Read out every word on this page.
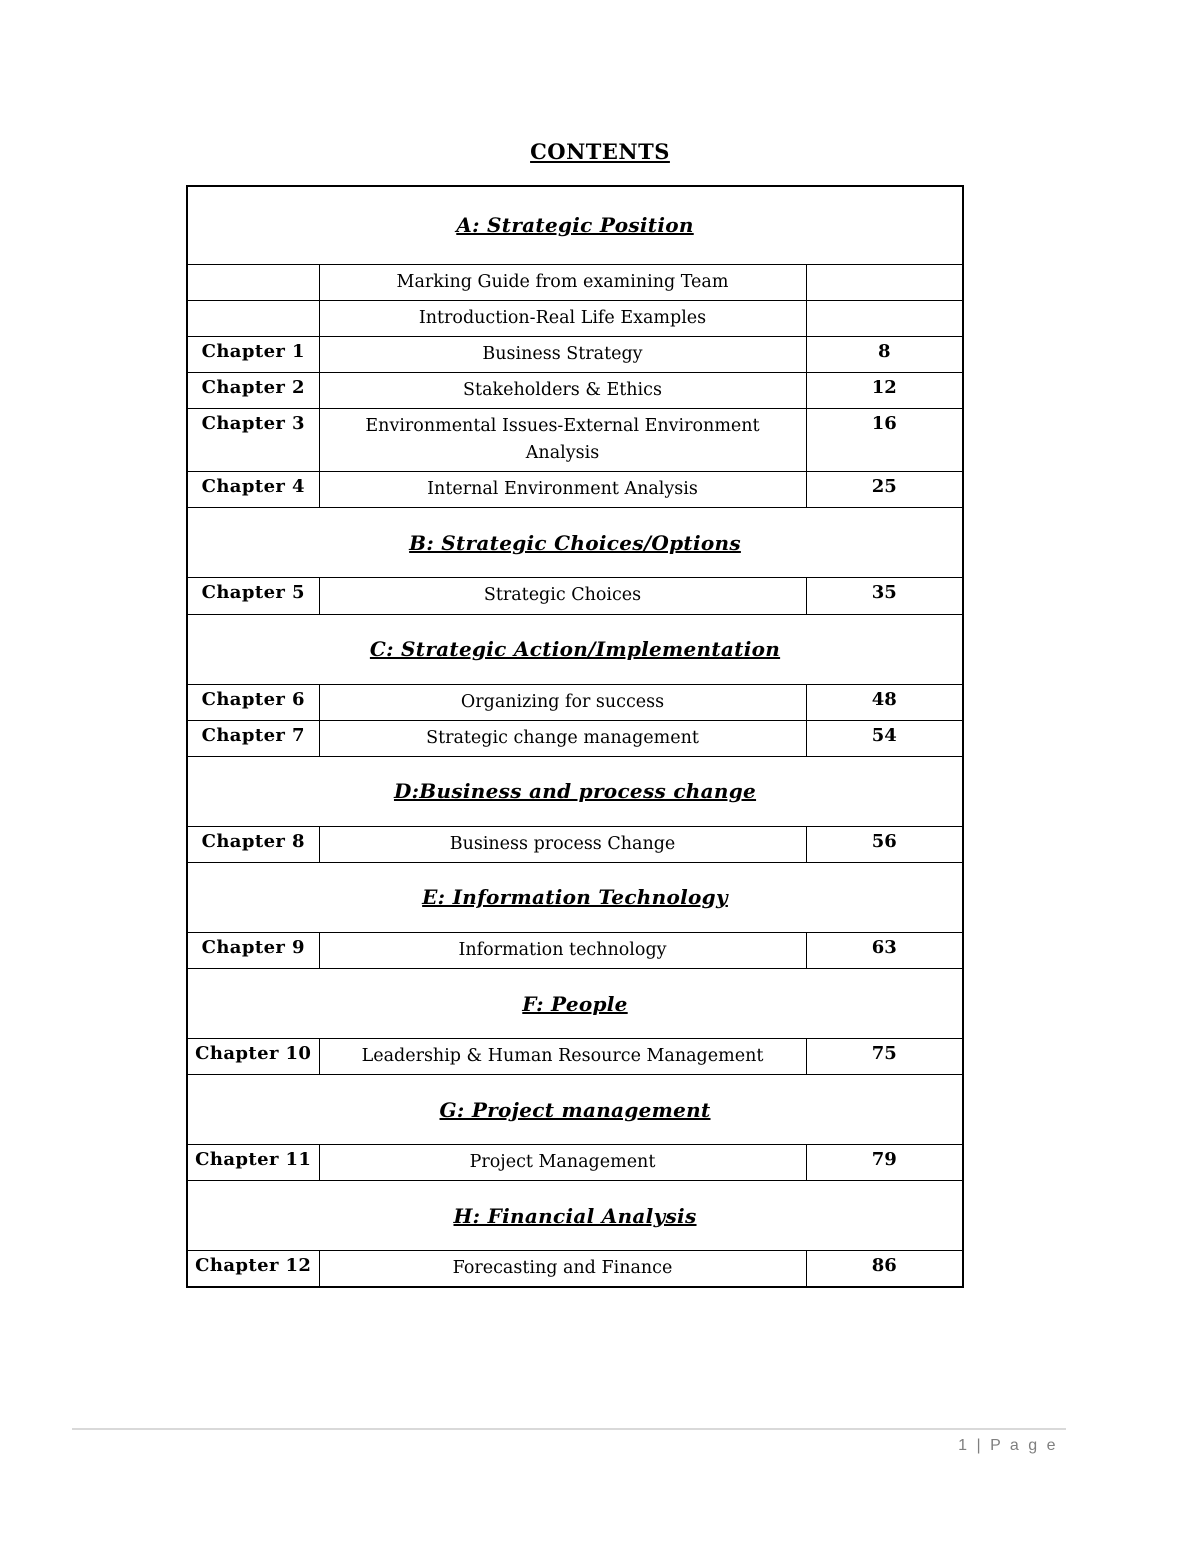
CONTENTS
A: Strategic Position		
	Marking Guide from examining Team	
	Introduction-Real Life Examples	
Chapter 1	Business Strategy	8
Chapter 2	Stakeholders & Ethics	12
Chapter 3	Environmental Issues-External Environment Analysis	16
Chapter 4	Internal Environment Analysis	25
B: Strategic Choices/Options		
Chapter 5	Strategic Choices	35
C: Strategic Action/Implementation		
Chapter 6	Organizing for success	48
Chapter 7	Strategic change management	54
D:Business and process change		
Chapter 8	Business process Change	56
E: Information Technology		
Chapter 9	Information technology	63
F: People		
Chapter 10	Leadership & Human Resource Management	75
G: Project management		
Chapter 11	Project Management	79
H: Financial Analysis		
Chapter 12	Forecasting and Finance	86
1 | P a g e
